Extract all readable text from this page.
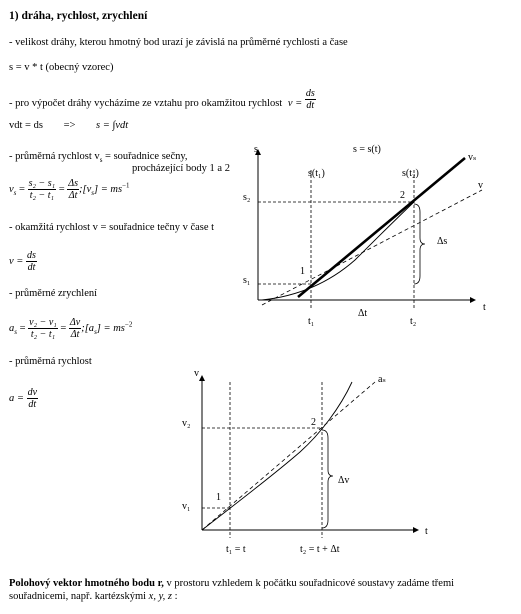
1) dráha, rychlost, zrychlení
- velikost dráhy, kterou hmotný bod urazí je závislá na průměrné rychlosti a čase
s = v * t (obecný vzorec)
- pro výpočet dráhy vycházíme ze vztahu pro okamžitou rychlost $v = \frac{ds}{dt}$
vdt = ds => s = ∫vdt
- průměrná rychlost $v_s$ = souřadnice sečny,
procházející body 1 a 2
$v_s = \frac{\text{s₂ − s₁}}{\text{t₂ − t₁}} = \frac{\Delta s}{\Delta t}$ $;[v_s] = ms^{-1}$
- okamžitá rychlost v = souřadnice tečny v čase t
$v = \frac{ds}{dt}$
- průměrné zrychlení
$a_s = \frac{\text{v₂ − v₁}}{\text{t₂ − t₁}} = \frac{\Delta v}{\Delta t}$ $;[a_s] = ms^{-2}$
- průměrná rychlost
$a = \frac{dv}{dt}$
s = s(t)
s
t
s(t₁)	s(t₂)
vₛ
v
s₂
s₁
1
2
Δs
Δt
t₁	t₂
v
t
aₛ
v₂
v₁
1
2
Δv
t₁ = t	t₂ = t + Δt
Polohový vektor hmotného bodu r, v prostoru vzhledem k počátku souřadnicové soustavy zadáme třemi
souřadnicemi, např. kartézskými x, y, z :
